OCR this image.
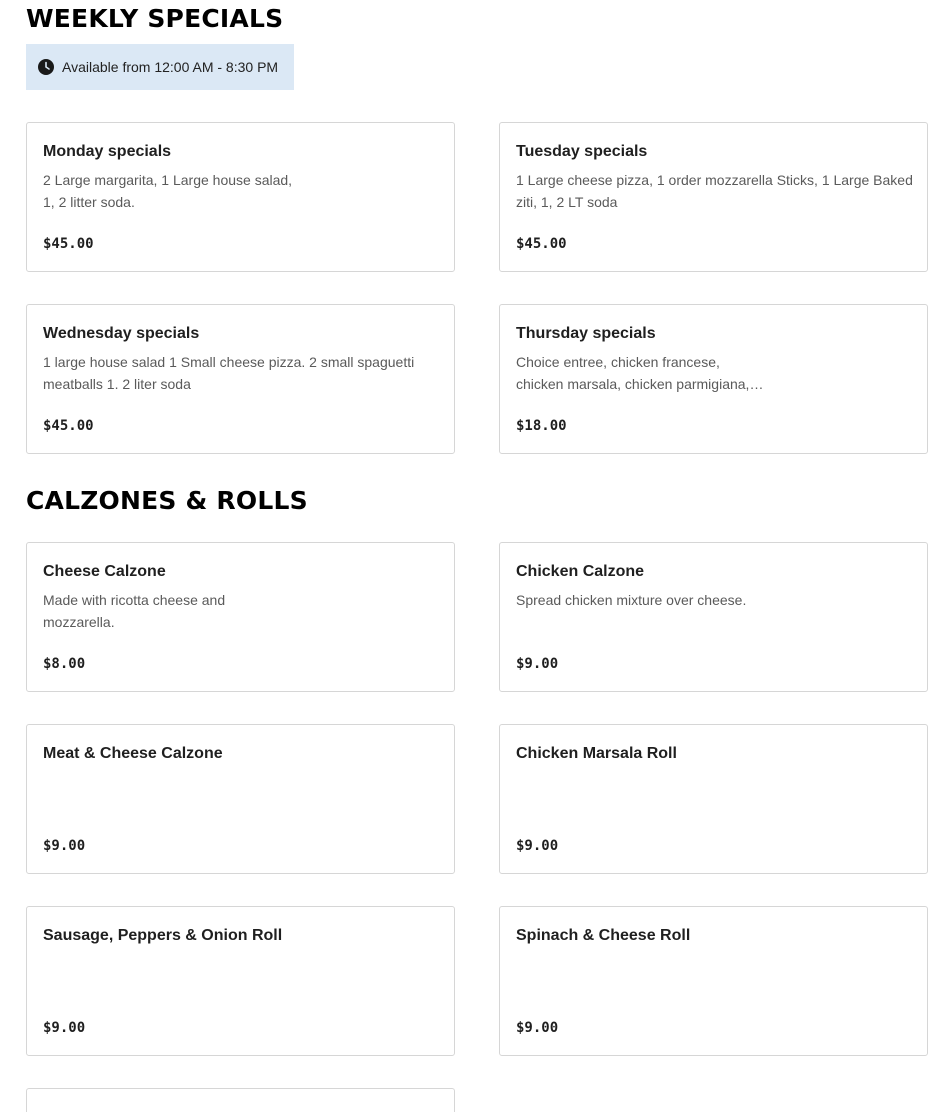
WEEKLY SPECIALS
Available from 12:00 AM - 8:30 PM
Monday specials
2 Large margarita, 1 Large house salad,
1, 2 litter soda.
$45.00
Tuesday specials
1 Large cheese pizza, 1 order mozzarella Sticks, 1 Large Baked
ziti, 1, 2 LT soda
$45.00
Wednesday specials
1 large house salad 1 Small cheese pizza. 2 small spaguetti
meatballs 1. 2 liter soda
$45.00
Thursday specials
Choice entree, chicken francese,
chicken marsala, chicken parmigiana,…
$18.00
CALZONES & ROLLS
Cheese Calzone
Made with ricotta cheese and
mozzarella.
$8.00
Chicken Calzone
Spread chicken mixture over cheese.
$9.00
Meat & Cheese Calzone
$9.00
Chicken Marsala Roll
$9.00
Sausage, Peppers & Onion Roll
$9.00
Spinach & Cheese Roll
$9.00
